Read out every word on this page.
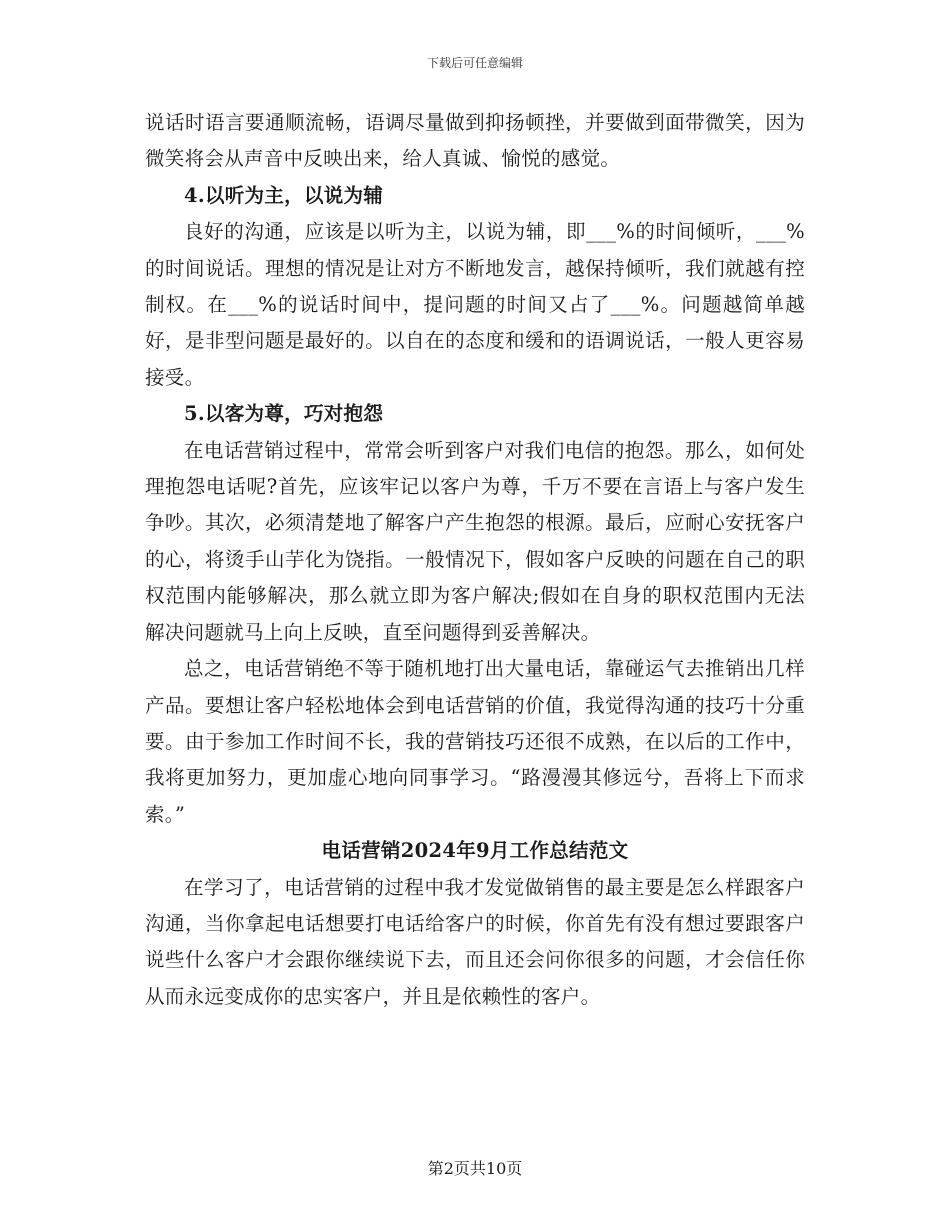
下载后可任意编辑

说话时语言要通顺流畅，语调尽量做到抑扬顿挫，并要做到面带微笑，因为微笑将会从声音中反映出来，给人真诚、愉悦的感觉。

4.以听为主，以说为辅

良好的沟通，应该是以听为主，以说为辅，即___%的时间倾听，___%的时间说话。理想的情况是让对方不断地发言，越保持倾听，我们就越有控制权。在___%的说话时间中，提问题的时间又占了___%。问题越简单越好，是非型问题是最好的。以自在的态度和缓和的语调说话，一般人更容易接受。

5.以客为尊，巧对抱怨

在电话营销过程中，常常会听到客户对我们电信的抱怨。那么，如何处理抱怨电话呢?首先，应该牢记以客户为尊，千万不要在言语上与客户发生争吵。其次，必须清楚地了解客户产生抱怨的根源。最后，应耐心安抚客户的心，将烫手山芋化为饶指。一般情况下，假如客户反映的问题在自己的职权范围内能够解决，那么就立即为客户解决;假如在自身的职权范围内无法解决问题就马上向上反映，直至问题得到妥善解决。

总之，电话营销绝不等于随机地打出大量电话，靠碰运气去推销出几样产品。要想让客户轻松地体会到电话营销的价值，我觉得沟通的技巧十分重要。由于参加工作时间不长，我的营销技巧还很不成熟，在以后的工作中，我将更加努力，更加虚心地向同事学习。“路漫漫其修远兮，吾将上下而求索。”

电话营销2024年9月工作总结范文

在学习了，电话营销的过程中我才发觉做销售的最主要是怎么样跟客户沟通，当你拿起电话想要打电话给客户的时候，你首先有没有想过要跟客户说些什么客户才会跟你继续说下去，而且还会问你很多的问题，才会信任你从而永远变成你的忠实客户，并且是依赖性的客户。

第2页共10页
